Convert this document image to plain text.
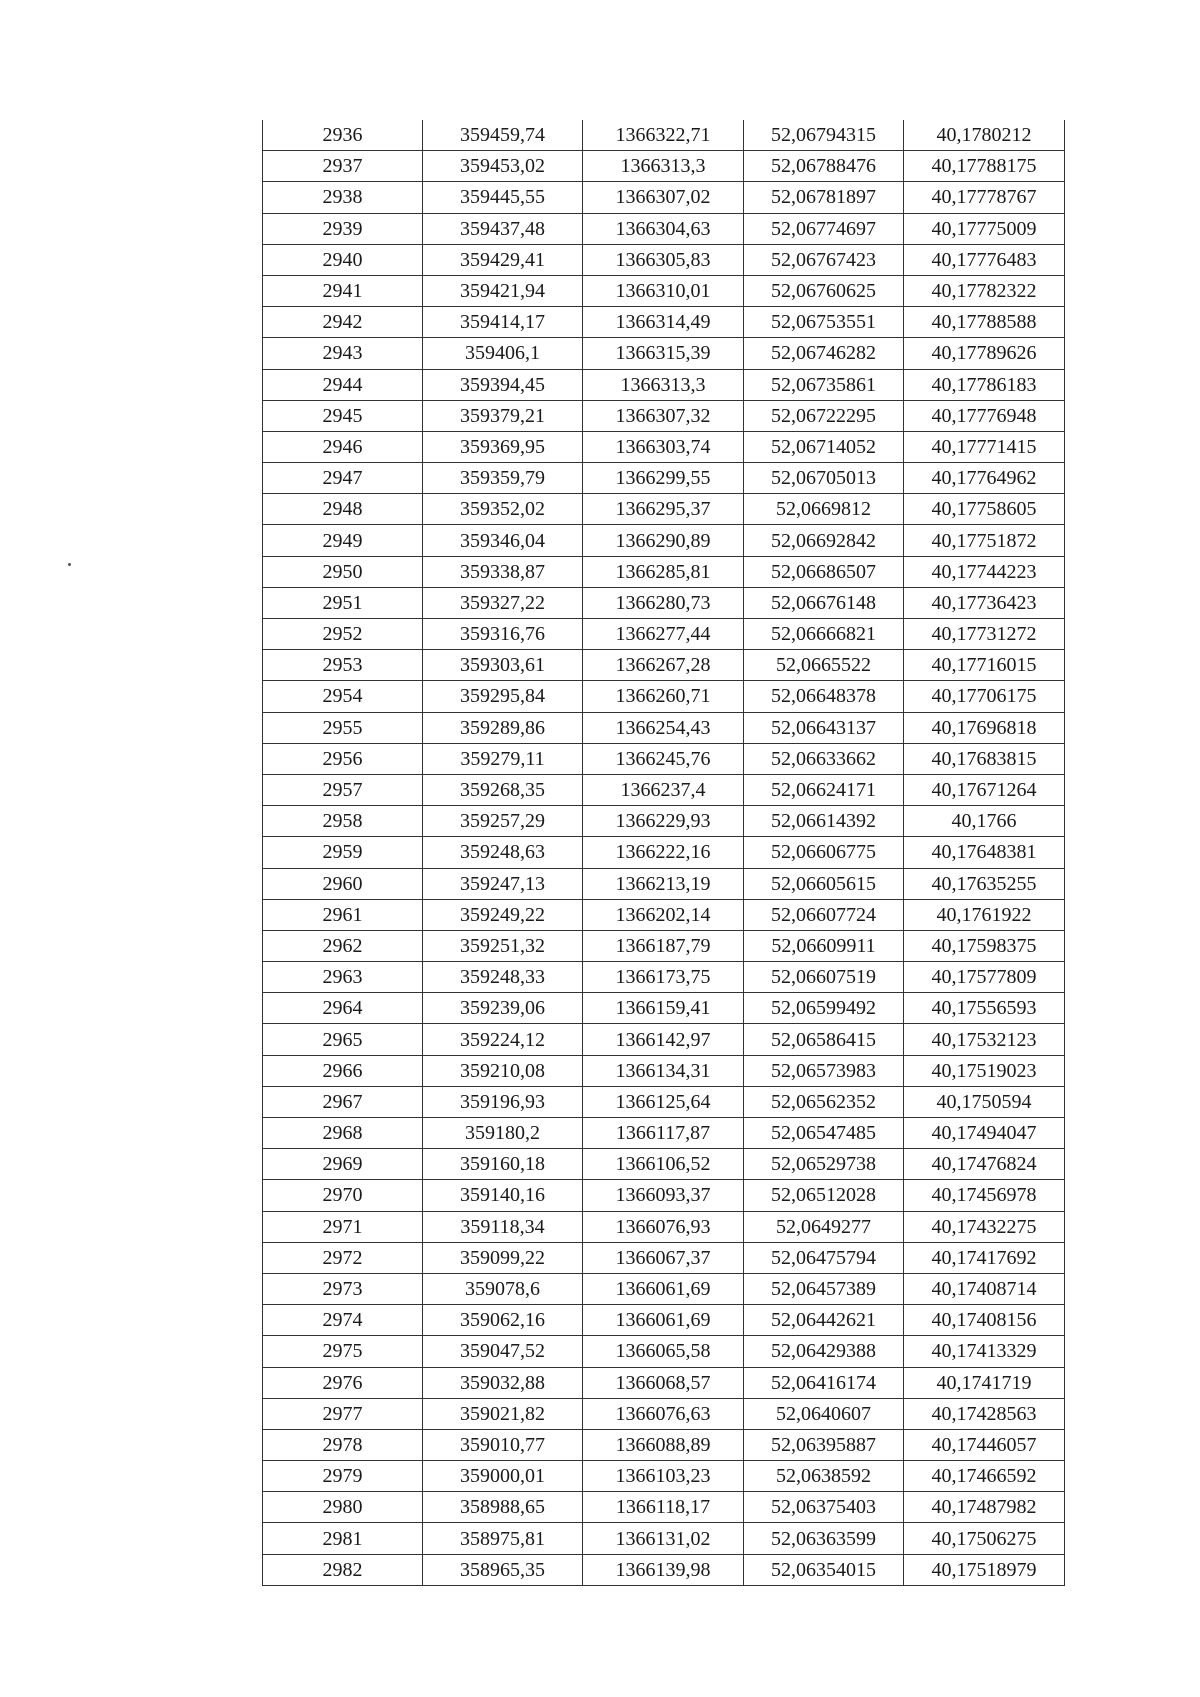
2936	359459,74	1366322,71	52,06794315	40,1780212
2937	359453,02	1366313,3	52,06788476	40,17788175
2938	359445,55	1366307,02	52,06781897	40,17778767
2939	359437,48	1366304,63	52,06774697	40,17775009
2940	359429,41	1366305,83	52,06767423	40,17776483
2941	359421,94	1366310,01	52,06760625	40,17782322
2942	359414,17	1366314,49	52,06753551	40,17788588
2943	359406,1	1366315,39	52,06746282	40,17789626
2944	359394,45	1366313,3	52,06735861	40,17786183
2945	359379,21	1366307,32	52,06722295	40,17776948
2946	359369,95	1366303,74	52,06714052	40,17771415
2947	359359,79	1366299,55	52,06705013	40,17764962
2948	359352,02	1366295,37	52,0669812	40,17758605
2949	359346,04	1366290,89	52,06692842	40,17751872
2950	359338,87	1366285,81	52,06686507	40,17744223
2951	359327,22	1366280,73	52,06676148	40,17736423
2952	359316,76	1366277,44	52,06666821	40,17731272
2953	359303,61	1366267,28	52,0665522	40,17716015
2954	359295,84	1366260,71	52,06648378	40,17706175
2955	359289,86	1366254,43	52,06643137	40,17696818
2956	359279,11	1366245,76	52,06633662	40,17683815
2957	359268,35	1366237,4	52,06624171	40,17671264
2958	359257,29	1366229,93	52,06614392	40,1766
2959	359248,63	1366222,16	52,06606775	40,17648381
2960	359247,13	1366213,19	52,06605615	40,17635255
2961	359249,22	1366202,14	52,06607724	40,1761922
2962	359251,32	1366187,79	52,06609911	40,17598375
2963	359248,33	1366173,75	52,06607519	40,17577809
2964	359239,06	1366159,41	52,06599492	40,17556593
2965	359224,12	1366142,97	52,06586415	40,17532123
2966	359210,08	1366134,31	52,06573983	40,17519023
2967	359196,93	1366125,64	52,06562352	40,1750594
2968	359180,2	1366117,87	52,06547485	40,17494047
2969	359160,18	1366106,52	52,06529738	40,17476824
2970	359140,16	1366093,37	52,06512028	40,17456978
2971	359118,34	1366076,93	52,0649277	40,17432275
2972	359099,22	1366067,37	52,06475794	40,17417692
2973	359078,6	1366061,69	52,06457389	40,17408714
2974	359062,16	1366061,69	52,06442621	40,17408156
2975	359047,52	1366065,58	52,06429388	40,17413329
2976	359032,88	1366068,57	52,06416174	40,1741719
2977	359021,82	1366076,63	52,0640607	40,17428563
2978	359010,77	1366088,89	52,06395887	40,17446057
2979	359000,01	1366103,23	52,0638592	40,17466592
2980	358988,65	1366118,17	52,06375403	40,17487982
2981	358975,81	1366131,02	52,06363599	40,17506275
2982	358965,35	1366139,98	52,06354015	40,17518979
